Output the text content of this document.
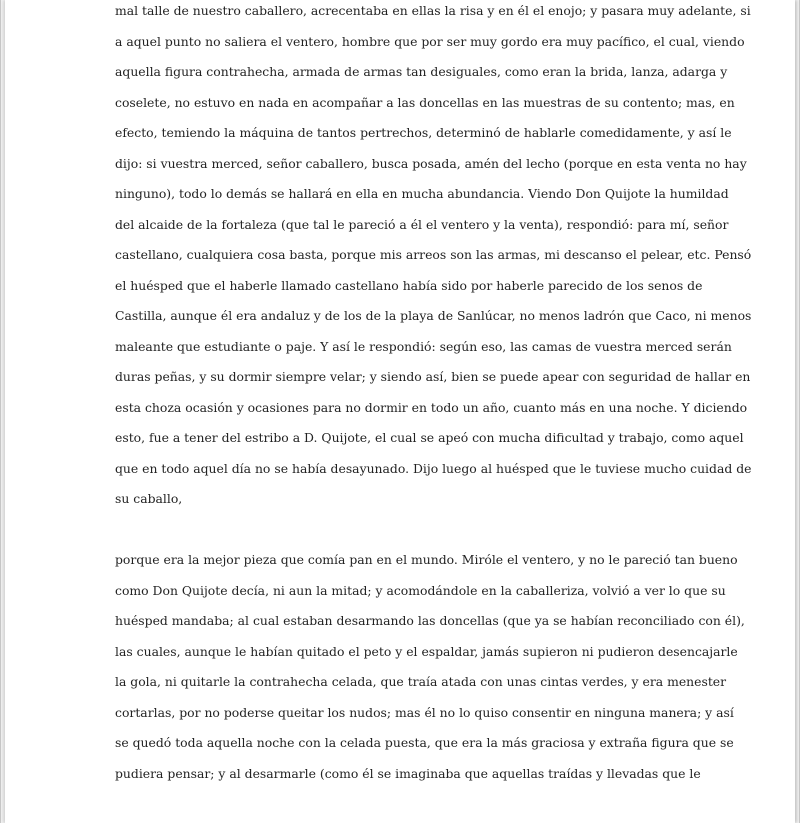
mal talle de nuestro caballero, acrecentaba en ellas la risa y en él el enojo; y pasara muy adelante, si
a aquel punto no saliera el ventero, hombre que por ser muy gordo era muy pacífico, el cual, viendo
aquella figura contrahecha, armada de armas tan desiguales, como eran la brida, lanza, adarga y
coselete, no estuvo en nada en acompañar a las doncellas en las muestras de su contento; mas, en
efecto, temiendo la máquina de tantos pertrechos, determinó de hablarle comedidamente, y así le
dijo: si vuestra merced, señor caballero, busca posada, amén del lecho (porque en esta venta no hay
ninguno), todo lo demás se hallará en ella en mucha abundancia. Viendo Don Quijote la humildad
del alcaide de la fortaleza (que tal le pareció a él el ventero y la venta), respondió: para mí, señor
castellano, cualquiera cosa basta, porque mis arreos son las armas, mi descanso el pelear, etc. Pensó
el huésped que el haberle llamado castellano había sido por haberle parecido de los senos de
Castilla, aunque él era andaluz y de los de la playa de Sanlúcar, no menos ladrón que Caco, ni menos
maleante que estudiante o paje. Y así le respondió: según eso, las camas de vuestra merced serán
duras peñas, y su dormir siempre velar; y siendo así, bien se puede apear con seguridad de hallar en
esta choza ocasión y ocasiones para no dormir en todo un año, cuanto más en una noche. Y diciendo
esto, fue a tener del estribo a D. Quijote, el cual se apeó con mucha dificultad y trabajo, como aquel
que en todo aquel día no se había desayunado. Dijo luego al huésped que le tuviese mucho cuidad de
su caballo,
porque era la mejor pieza que comía pan en el mundo. Miróle el ventero, y no le pareció tan bueno
como Don Quijote decía, ni aun la mitad; y acomodándole en la caballeriza, volvió a ver lo que su
huésped mandaba; al cual estaban desarmando las doncellas (que ya se habían reconciliado con él),
las cuales, aunque le habían quitado el peto y el espaldar, jamás supieron ni pudieron desencajarle
la gola, ni quitarle la contrahecha celada, que traía atada con unas cintas verdes, y era menester
cortarlas, por no poderse queitar los nudos; mas él no lo quiso consentir en ninguna manera; y así
se quedó toda aquella noche con la celada puesta, que era la más graciosa y extraña figura que se
pudiera pensar; y al desarmarle (como él se imaginaba que aquellas traídas y llevadas que le
